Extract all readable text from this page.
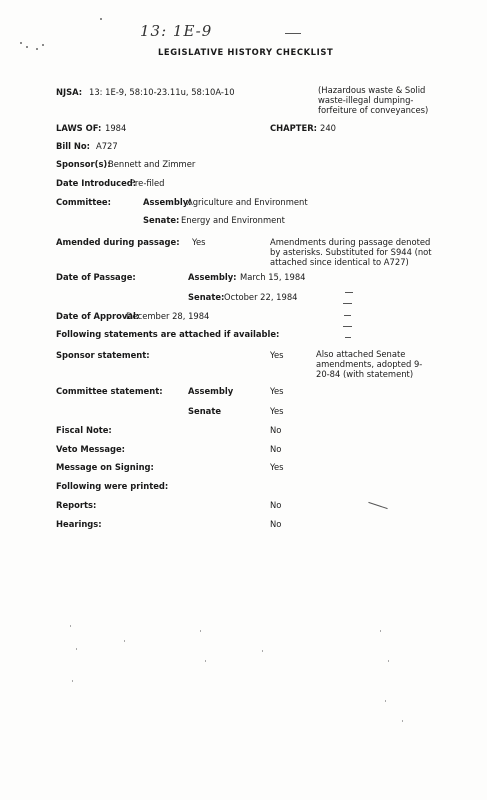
13: 1E-9
LEGISLATIVE HISTORY CHECKLIST
NJSA: 13: 1E-9, 58:10-23.11u, 58:10A-10	(Hazardous waste & Solid waste-illegal dumping-forfeiture of conveyances)
LAWS OF: 1984	CHAPTER: 240
Bill No: A727
Sponsor(s):
Bennett and Zimmer
Date Introduced:
Pre-filed
Committee:	Assembly:
Agriculture and Environment
Senate: Energy and Environment
Amended during passage: Yes	Amendments during passage denoted by asterisks. Substituted for S944 (not attached since identical to A727)
Date of Passage:	Assembly: March 15, 1984
Senate: October 22, 1984
Date of Approval:
December 28, 1984
Following statements are attached if available:
Sponsor statement:	Yes	Also attached Senate amendments, adopted 9-20-84 (with statement)
Committee statement:	Assembly	Yes
Senate	Yes
Fiscal Note:	No
Veto Message:	No
Message on Signing:	Yes
Following were printed:
Reports:	No
Hearings:	No
